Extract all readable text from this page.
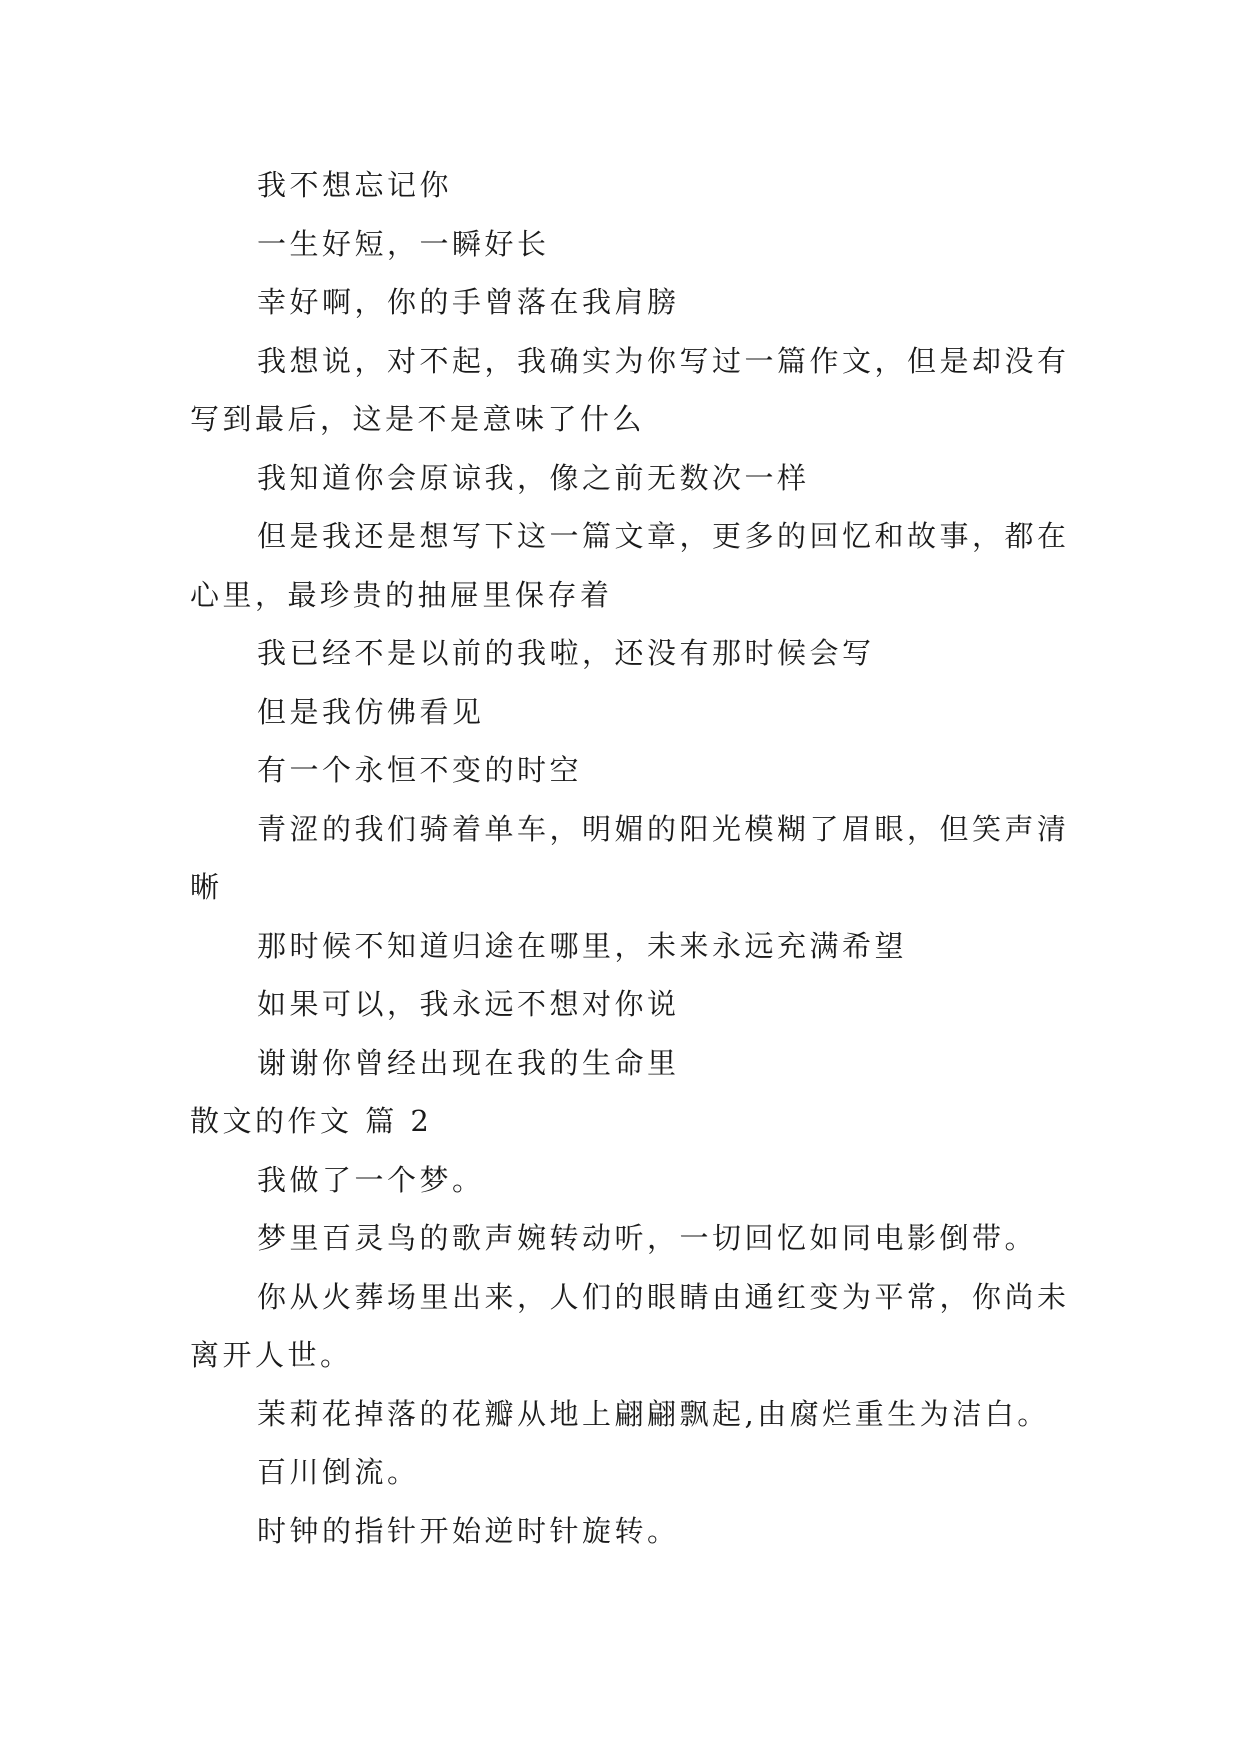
我不想忘记你

一生好短，一瞬好长

幸好啊，你的手曾落在我肩膀

我想说，对不起，我确实为你写过一篇作文，但是却没有写到最后，这是不是意味了什么

我知道你会原谅我，像之前无数次一样

但是我还是想写下这一篇文章，更多的回忆和故事，都在心里，最珍贵的抽屉里保存着

我已经不是以前的我啦，还没有那时候会写

但是我仿佛看见

有一个永恒不变的时空

青涩的我们骑着单车，明媚的阳光模糊了眉眼，但笑声清晰

那时候不知道归途在哪里，未来永远充满希望

如果可以，我永远不想对你说

谢谢你曾经出现在我的生命里

散文的作文 篇 2

我做了一个梦。

梦里百灵鸟的歌声婉转动听，一切回忆如同电影倒带。

你从火葬场里出来，人们的眼睛由通红变为平常，你尚未离开人世。

茉莉花掉落的花瓣从地上翩翩飘起,由腐烂重生为洁白。

百川倒流。

时钟的指针开始逆时针旋转。
